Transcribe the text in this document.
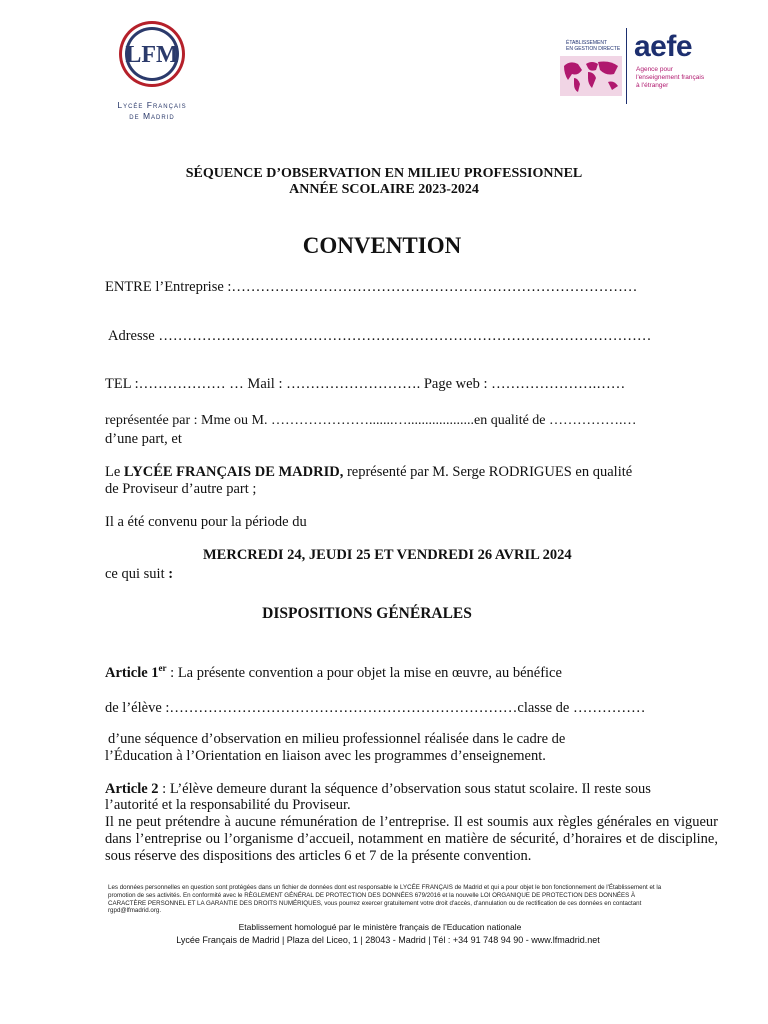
LFM
Lycée Français
de Madrid
ÉTABLISSEMENT
EN GESTION DIRECTE aefe
Agence pour
l'enseignement français
à l'étranger
SÉQUENCE D’OBSERVATION EN MILIEU PROFESSIONNEL
ANNÉE SCOLAIRE 2023-2024
CONVENTION
ENTRE l’Entreprise :…………………………………………………………………………
Adresse …………………………………………………………………………………………
TEL :……………… … Mail : ………………………. Page web : ………………….……
représentée par : Mme ou M. ………………….......…...................en qualité de …………….…
d’une part, et
Le LYCÉE FRANÇAIS DE MADRID, représenté par M. Serge RODRIGUES en qualité
de Proviseur d’autre part ;
Il a été convenu pour la période du
MERCREDI 24, JEUDI 25 ET VENDREDI 26 AVRIL 2024
ce qui suit :
DISPOSITIONS GÉNÉRALES
Article 1er : La présente convention a pour objet la mise en œuvre, au bénéfice
de l’élève :………………………………………………………………classe de ……………
d’une séquence d’observation en milieu professionnel réalisée dans le cadre de
l’Éducation à l’Orientation en liaison avec les programmes d’enseignement.
Article 2 : L’élève demeure durant la séquence d’observation sous statut scolaire. Il reste sous
l’autorité et la responsabilité du Proviseur.
Il ne peut prétendre à aucune rémunération de l’entreprise. Il est soumis aux règles générales en vigueur dans l’entreprise ou l’organisme d’accueil, notamment en matière de sécurité, d’horaires et de discipline, sous réserve des dispositions des articles 6 et 7 de la présente convention.
Les données personnelles en question sont protégées dans un fichier de données dont est responsable le LYCÉE FRANÇAIS de Madrid et qui a pour objet le bon fonctionnement de l'Établissement et la promotion de ses activités. En conformité avec le RÈGLEMENT GÉNÉRAL DE PROTECTION DES DONNÉES 679/2016 et la nouvelle LOI ORGANIQUE DE PROTECTION DES DONNÉES À CARACTÈRE PERSONNEL ET LA GARANTIE DES DROITS NUMÉRIQUES, vous pourrez exercer gratuitement votre droit d'accès, d'annulation ou de rectification de ces données en contactant rgpd@lfmadrid.org.
Etablissement homologué par le ministère français de l'Education nationale
Lycée Français de Madrid | Plaza del Liceo, 1 | 28043 - Madrid | Tél : +34 91 748 94 90 - www.lfmadrid.net
